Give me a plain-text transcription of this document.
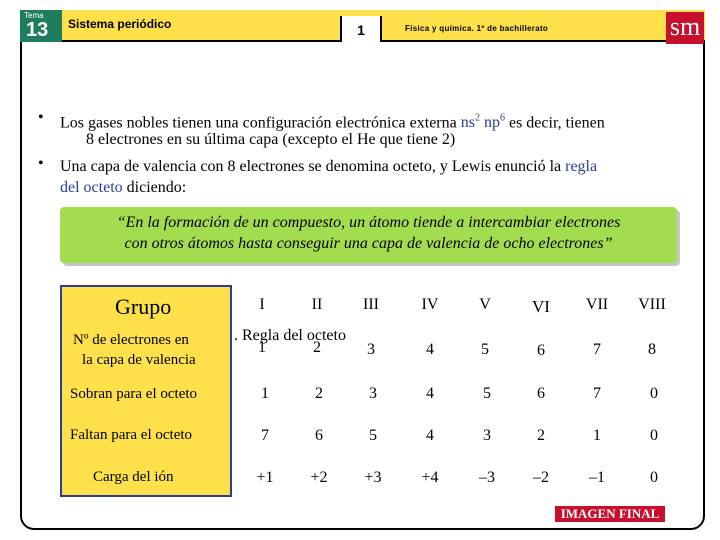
Tema
13 Sistema periódico	1	Física y química. 1º de bachillerato	sm
• Los gases nobles tienen una configuración electrónica externa $ns^2$ $np^6$ es decir, tienen
8 electrones en su última capa (excepto el He que tiene 2)
• Una capa de valencia con 8 electrones se denomina octeto, y Lewis enunció la regla
del octeto diciendo:
“En la formación de un compuesto, un átomo tiende a intercambiar electrones
con otros átomos hasta conseguir una capa de valencia de ocho electrones”
Grupo	I	II	III	IV	V VI VII VIII
. Regla del octeto
Nº de electrones en
la capa de valencia
1	2	3	4	5	6	7	8
Sobran para el octeto	1	2	3	4	5	6	7	0
Faltan para el octeto	7	6	5	4	3	2	1	0
Carga del ión	+1 +2 +3 +4	–3 –2	–1	0
IMAGEN FINAL
